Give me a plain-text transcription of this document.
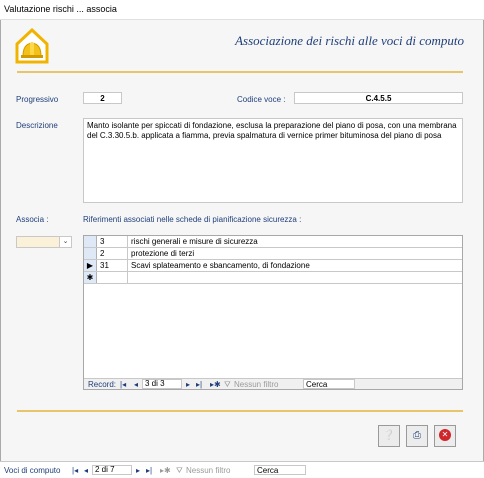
Valutazione rischi ... associa
Associazione dei rischi alle voci di computo
Progressivo	2	Codice voce :	C.4.5.5
Descrizione	Manto isolante per spiccati di fondazione, esclusa la preparazione del piano di posa, con una membrana del C.3.30.5.b. applicata a fiamma, previa spalmatura di vernice primer bituminosa del piano di posa
Associa :
⌄
Riferimenti associati nelle schede di pianificazione sicurezza :
3	rischi generali e misure di sicurezza
2	protezione di terzi
▶ 31	Scavi splateamento e sbancamento, di fondazione
✱
Record: |◂ ◂ 3 di 3	▸ ▸| ▸✱ ⛛ Nessun filtro	Cerca
❔	⎙	✕
Voci di computo |◂ ◂ 2 di 7	▸ ▸| ▸✱ ⛛ Nessun filtro	Cerca
